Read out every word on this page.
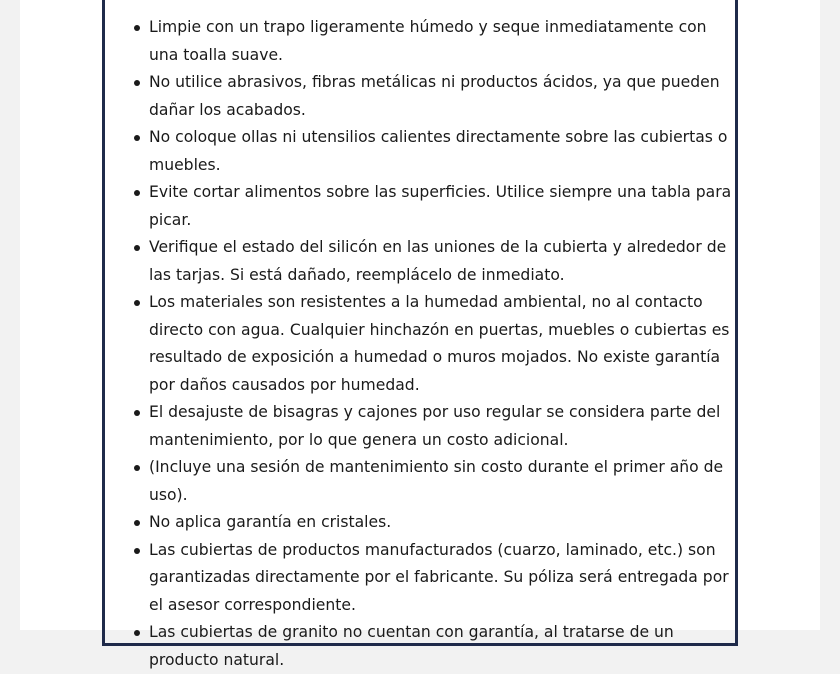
Limpie con un trapo ligeramente húmedo y seque inmediatamente con una toalla suave.
No utilice abrasivos, fibras metálicas ni productos ácidos, ya que pueden dañar los acabados.
No coloque ollas ni utensilios calientes directamente sobre las cubiertas o muebles.
Evite cortar alimentos sobre las superficies. Utilice siempre una tabla para picar.
Verifique el estado del silicón en las uniones de la cubierta y alrededor de las tarjas. Si está dañado, reemplácelo de inmediato.
Los materiales son resistentes a la humedad ambiental, no al contacto directo con agua. Cualquier hinchazón en puertas, muebles o cubiertas es resultado de exposición a humedad o muros mojados. No existe garantía por daños causados por humedad.
El desajuste de bisagras y cajones por uso regular se considera parte del mantenimiento, por lo que genera un costo adicional.
(Incluye una sesión de mantenimiento sin costo durante el primer año de uso).
No aplica garantía en cristales.
Las cubiertas de productos manufacturados (cuarzo, laminado, etc.) son garantizadas directamente por el fabricante. Su póliza será entregada por el asesor correspondiente.
Las cubiertas de granito no cuentan con garantía, al tratarse de un producto natural.
